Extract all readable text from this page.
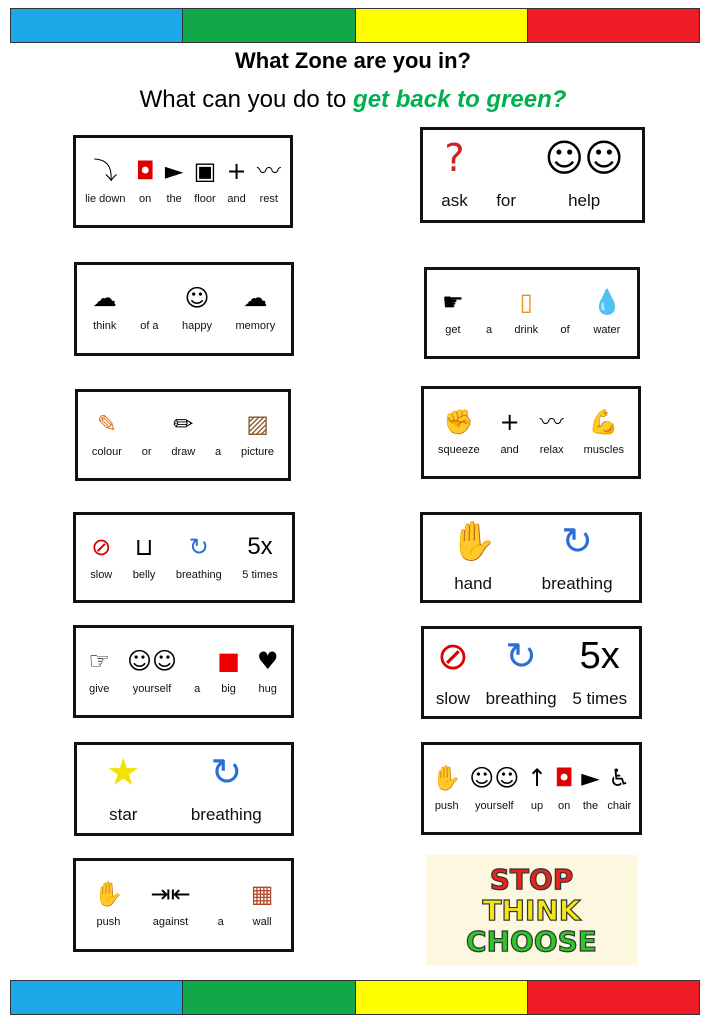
What Zone are you in?
What can you do to get back to green?
⤵
lie down
◘
on
►
the
▣
floor
+
and
〰
rest
?
ask for
☺☺
help
☁
think of a
☺
happy
☁
memory
☛
get a
▯
drink of
💧
water
✎
colour or
✏
draw a
▨
picture
✊
squeeze
+
and
〰
relax
💪
muscles
⊘
slow
⊔
belly
↻
breathing
5x
5 times
✋
hand
↻
breathing
☞
give
☺☺
yourself a
■
big
♥
hug
⊘
slow
↻
breathing
5x
5 times
★
star
↻
breathing
✋
push
☺☺
yourself
↑
up
◘
on
►
the
♿
chair
✋
push
⇥⇤
against	a
▦
wall
STOP
THINK
CHOOSE
